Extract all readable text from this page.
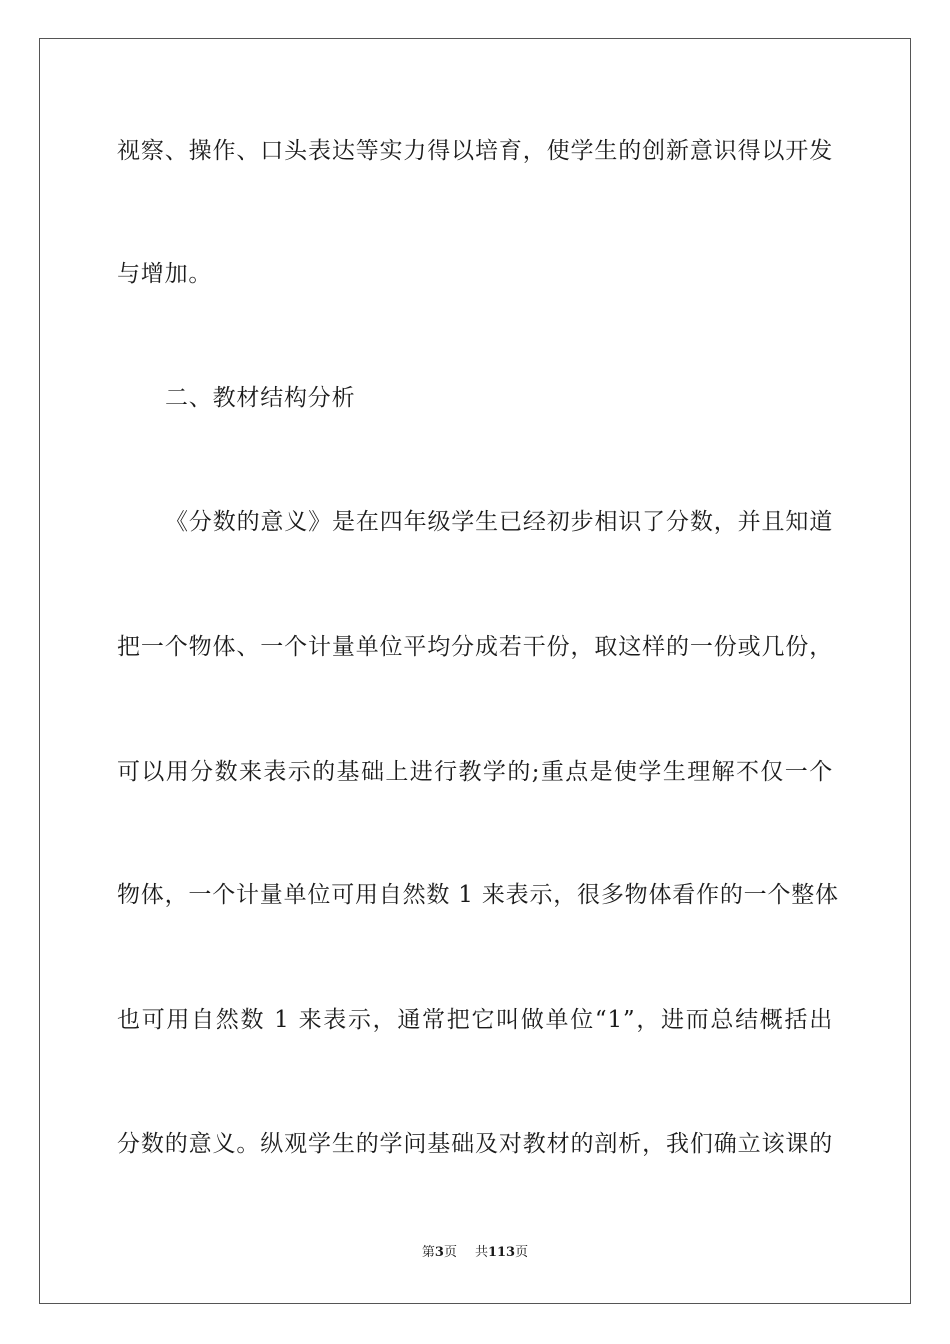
视察、操作、口头表达等实力得以培育，使学生的创新意识得以开发
与增加。
二、教材结构分析
《分数的意义》是在四年级学生已经初步相识了分数，并且知道
把一个物体、一个计量单位平均分成若干份，取这样的一份或几份，
可以用分数来表示的基础上进行教学的;重点是使学生理解不仅一个
物体，一个计量单位可用自然数 1 来表示，很多物体看作的一个整体
也可用自然数 1 来表示，通常把它叫做单位“1”，进而总结概括出
分数的意义。纵观学生的学问基础及对教材的剖析，我们确立该课的
第3页 共113页
